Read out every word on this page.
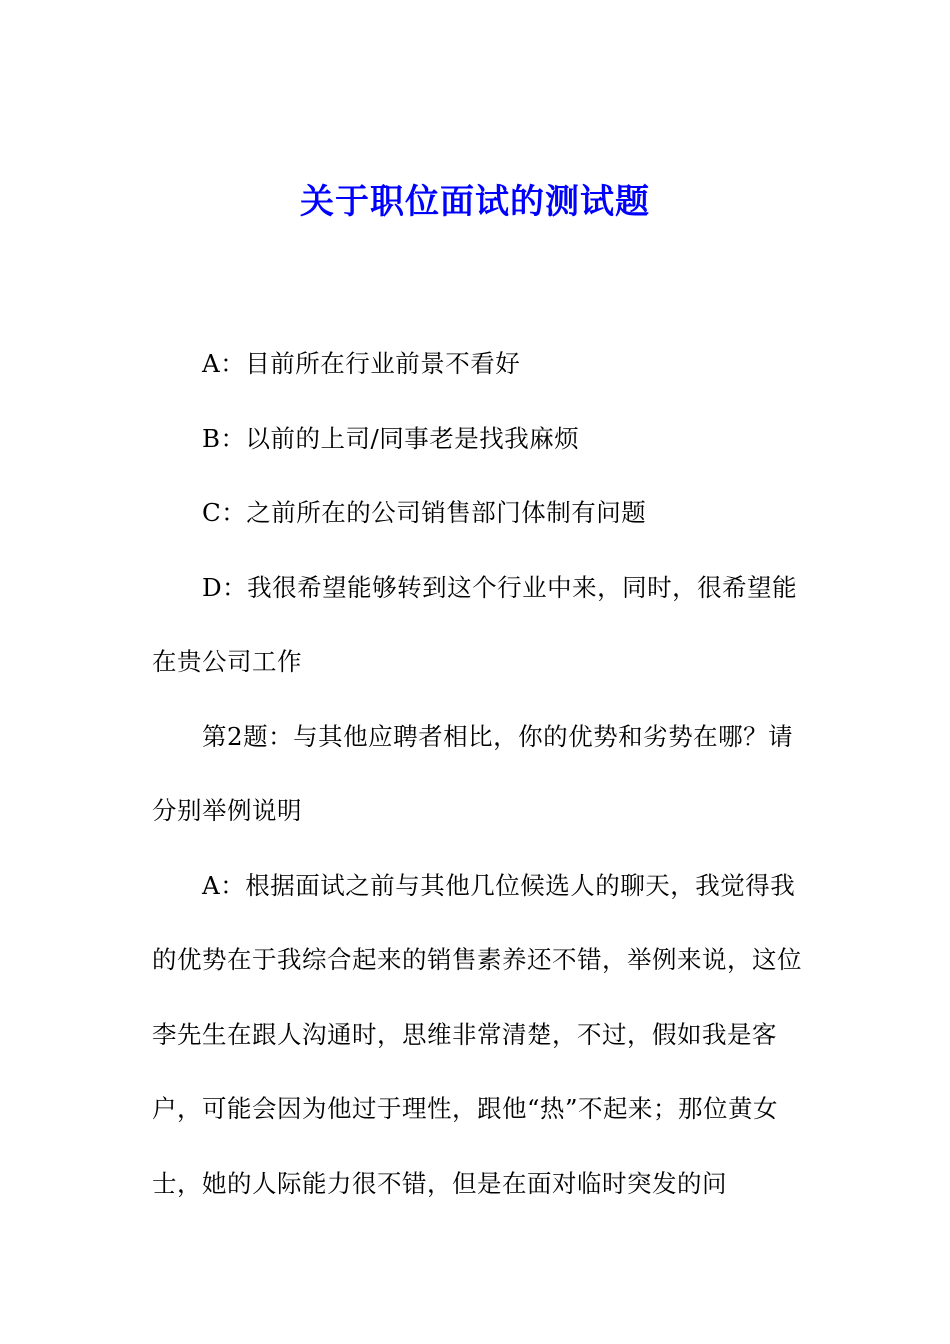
关于职位面试的测试题

A：目前所在行业前景不看好

B：以前的上司/同事老是找我麻烦

C：之前所在的公司销售部门体制有问题

D：我很希望能够转到这个行业中来，同时，很希望能在贵公司工作

第2题：与其他应聘者相比，你的优势和劣势在哪？请分别举例说明

A：根据面试之前与其他几位候选人的聊天，我觉得我的优势在于我综合起来的销售素养还不错，举例来说，这位李先生在跟人沟通时，思维非常清楚，不过，假如我是客户，可能会因为他过于理性，跟他“热”不起来；那位黄女士，她的人际能力很不错，但是在面对临时突发的问
